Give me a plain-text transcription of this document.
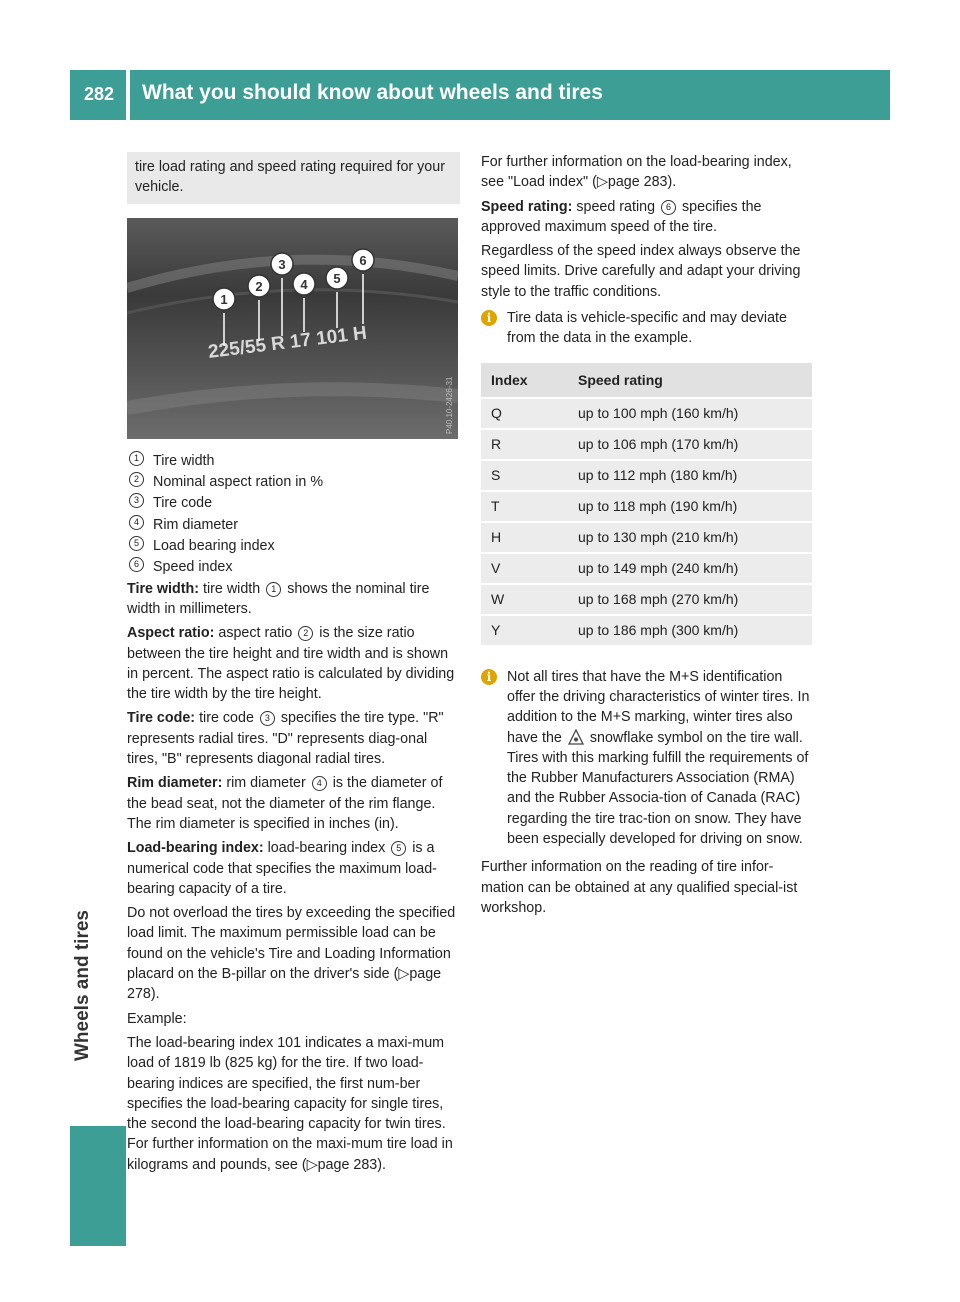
282 What you should know about wheels and tires
Wheels and tires
tire load rating and speed rating required for your vehicle.
225/55 R 17 101 H
P40.10-2426-31
1
2
3
4 5
6

1 Tire width

2 Nominal aspect ration in %

3 Tire code

4 Rim diameter

5 Load bearing index

6 Speed index

Tire width: tire width 1 shows the nominal tire width in millimeters.

Aspect ratio: aspect ratio 2 is the size ratio between the tire height and tire width and is shown in percent. The aspect ratio is calculated by dividing the tire width by the tire height.

Tire code: tire code 3 specifies the tire type. "R" represents radial tires. "D" represents diag-onal tires, "B" represents diagonal radial tires.

Rim diameter: rim diameter 4 is the diameter of the bead seat, not the diameter of the rim flange. The rim diameter is specified in inches (in).

Load-bearing index: load-bearing index 5 is a numerical code that specifies the maximum load-bearing capacity of a tire.

Do not overload the tires by exceeding the specified load limit. The maximum permissible load can be found on the vehicle's Tire and Loading Information placard on the B-pillar on the driver's side (▷page 278).

Example:

The load-bearing index 101 indicates a maxi-mum load of 1819 lb (825 kg) for the tire. If two load-bearing indices are specified, the first num-ber specifies the load-bearing capacity for single tires, the second the load-bearing capacity for twin tires. For further information on the maxi-mum tire load in kilograms and pounds, see (▷page 283).

For further information on the load-bearing index, see "Load index" (▷page 283).

Speed rating: speed rating 6 specifies the approved maximum speed of the tire.

Regardless of the speed index always observe the speed limits. Drive carefully and adapt your driving style to the traffic conditions.

i	Tire data is vehicle-specific and may deviate from the data in the example.

Index	Speed rating
Q	up to 100 mph (160 km/h)
R	up to 106 mph (170 km/h)
S	up to 112 mph (180 km/h)
T	up to 118 mph (190 km/h)
H	up to 130 mph (210 km/h)
V	up to 149 mph (240 km/h)
W	up to 168 mph (270 km/h)
Y	up to 186 mph (300 km/h)

i	Not all tires that have the M+S identification offer the driving characteristics of winter tires. In addition to the M+S marking, winter tires also have the snowflake symbol on the tire wall. Tires with this marking fulfill the requirements of the Rubber Manufacturers Association (RMA) and the Rubber Associa-tion of Canada (RAC) regarding the tire trac-tion on snow. They have been especially developed for driving on snow.

Further information on the reading of tire infor-mation can be obtained at any qualified special-ist workshop.
